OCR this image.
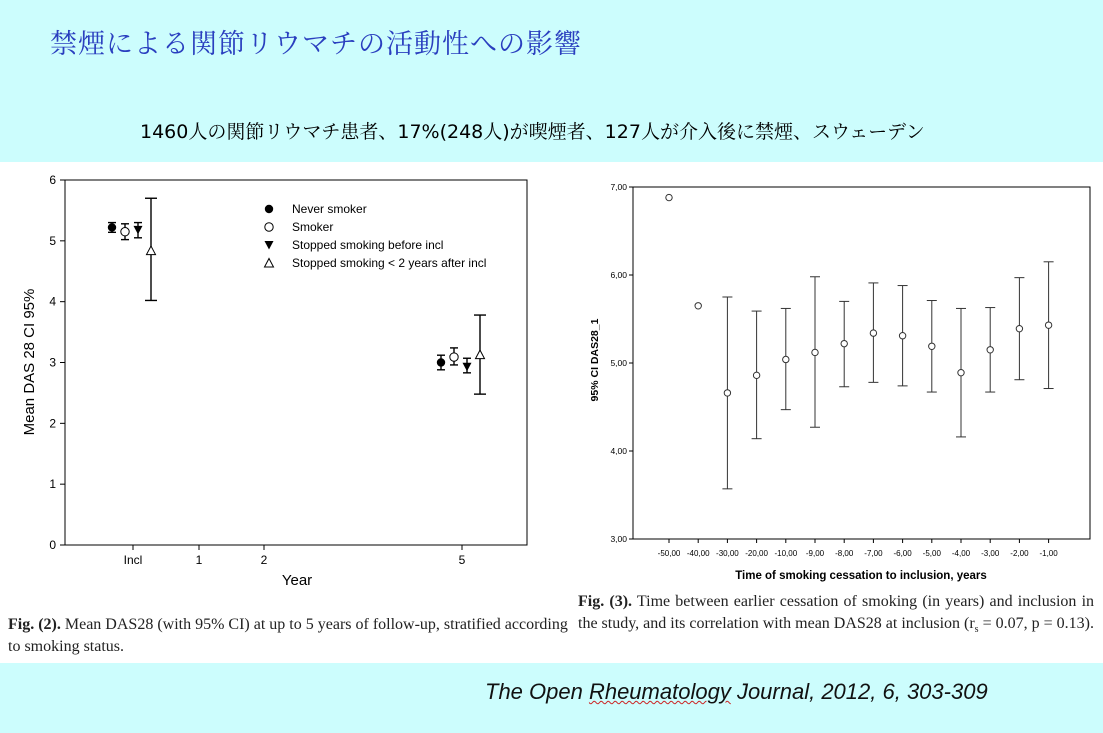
禁煙による関節リウマチの活動性への影響
1460人の関節リウマチ患者、17%(248人)が喫煙者、127人が介入後に禁煙、スウェーデン
0
1
2
3
4
5
6
Incl	1	2	5
Never smoker
Smoker
Stopped smoking before incl
Stopped smoking < 2 years after incl
Year
Mean DAS 28 CI 95%
3,00
4,00
5,00
6,00
7,00
-50,00 -40,00 -30,00 -20,00 -10,00 -9,00 -8,00 -7,00 -6,00 -5,00 -4,00 -3,00 -2,00 -1,00
Time of smoking cessation to inclusion, years
95% CI DAS28_1
Fig. (2). Mean DAS28 (with 95% CI) at up to 5 years of follow-up, stratified according to smoking status.
Fig. (3). Time between earlier cessation of smoking (in years) and inclusion in the study, and its correlation with mean DAS28 at inclusion ($r_s = 0.07$, p = 0.13).
The Open Rheumatology Journal, 2012, 6, 303-309
